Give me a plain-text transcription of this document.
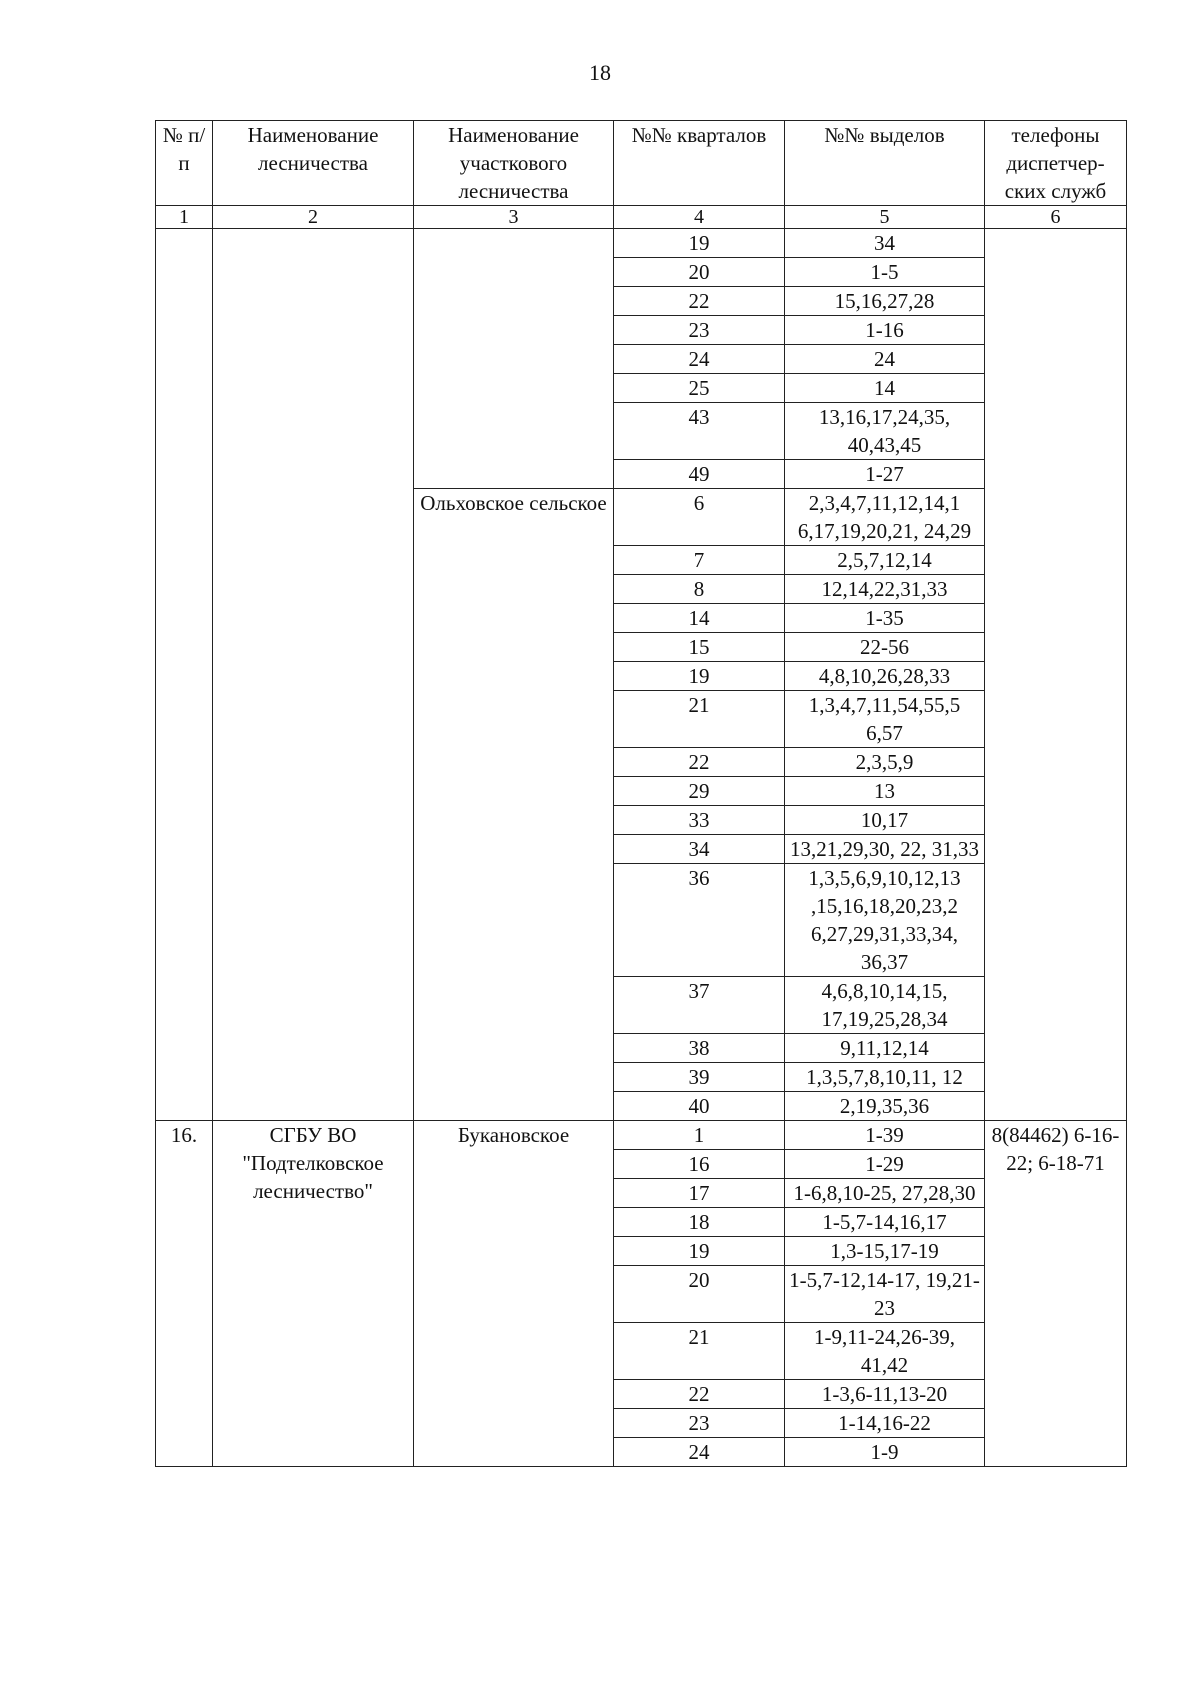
18
№ п/п	Наименование лесничества	Наименование участкового лесничества	№№ кварталов	№№ выделов	телефоны диспетчер-ских служб
1	2	3	4	5	6
			19	34	
			20	1-5	
			22	15,16,27,28	
			23	1-16	
			24	24	
			25	14	
			43	13,16,17,24,35, 40,43,45	
			49	1-27	
		Ольховское сельское	6	2,3,4,7,11,12,14,1 6,17,19,20,21, 24,29	
			7	2,5,7,12,14	
			8	12,14,22,31,33	
			14	1-35	
			15	22-56	
			19	4,8,10,26,28,33	
			21	1,3,4,7,11,54,55,5 6,57	
			22	2,3,5,9	
			29	13	
			33	10,17	
			34	13,21,29,30, 22, 31,33	
			36	1,3,5,6,9,10,12,13 ,15,16,18,20,23,2 6,27,29,31,33,34, 36,37	
			37	4,6,8,10,14,15, 17,19,25,28,34	
			38	9,11,12,14	
			39	1,3,5,7,8,10,11, 12	
			40	2,19,35,36	
16.	СГБУ ВО "Подтелковское лесничество"	Букановское	1	1-39	8(84462) 6-16-22; 6-18-71
			16	1-29	
			17	1-6,8,10-25, 27,28,30	
			18	1-5,7-14,16,17	
			19	1,3-15,17-19	
			20	1-5,7-12,14-17, 19,21-23	
			21	1-9,11-24,26-39, 41,42	
			22	1-3,6-11,13-20	
			23	1-14,16-22	
			24	1-9	
